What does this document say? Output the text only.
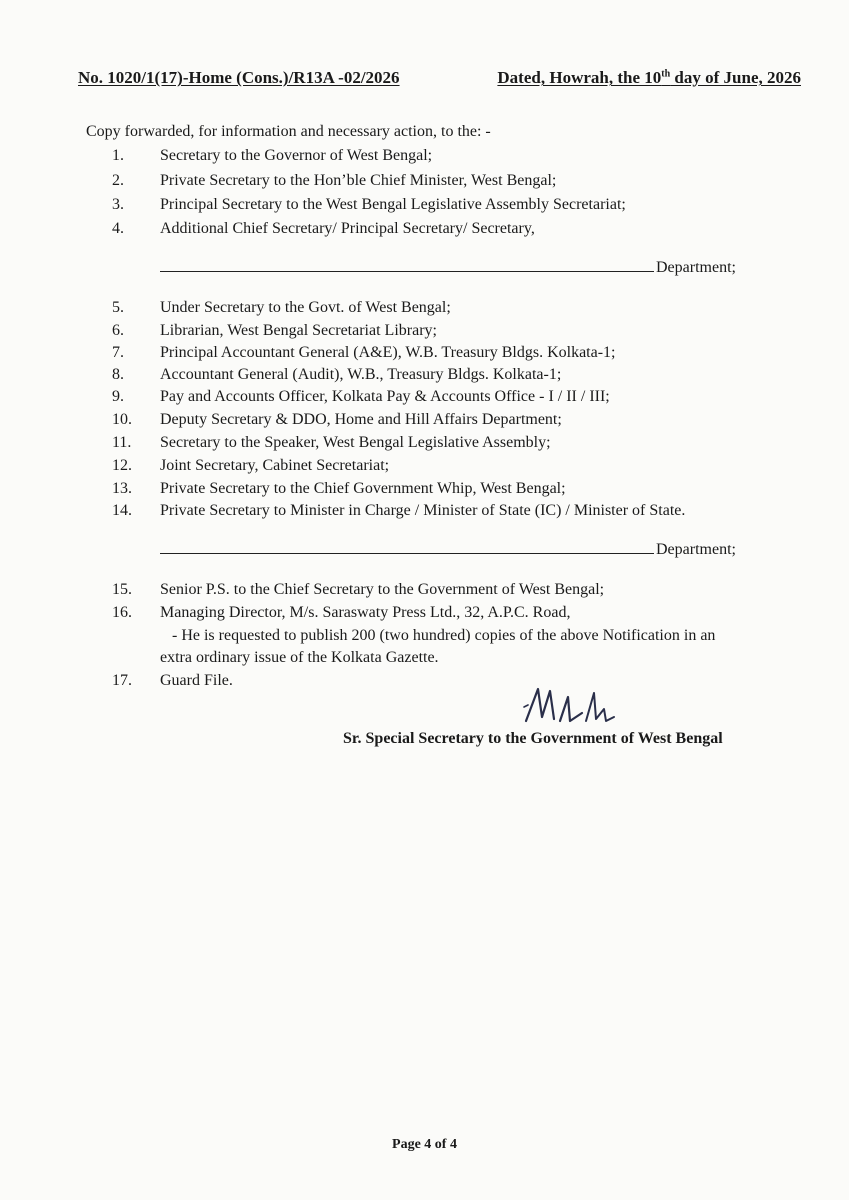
No. 1020/1(17)-Home (Cons.)/R13A -02/2026	Dated, Howrah, the 10th day of June, 2026
Copy forwarded, for information and necessary action, to the: -
1. Secretary to the Governor of West Bengal;
2. Private Secretary to the Hon’ble Chief Minister, West Bengal;
3. Principal Secretary to the West Bengal Legislative Assembly Secretariat;
4. Additional Chief Secretary/ Principal Secretary/ Secretary,
Department;
5. Under Secretary to the Govt. of West Bengal;
6. Librarian, West Bengal Secretariat Library;
7. Principal Accountant General (A&E), W.B. Treasury Bldgs. Kolkata-1;
8. Accountant General (Audit), W.B., Treasury Bldgs. Kolkata-1;
9. Pay and Accounts Officer, Kolkata Pay & Accounts Office - I / II / III;
10. Deputy Secretary & DDO, Home and Hill Affairs Department;
11. Secretary to the Speaker, West Bengal Legislative Assembly;
12. Joint Secretary, Cabinet Secretariat;
13. Private Secretary to the Chief Government Whip, West Bengal;
14. Private Secretary to Minister in Charge / Minister of State (IC) / Minister of State.
Department;
15. Senior P.S. to the Chief Secretary to the Government of West Bengal;
16. Managing Director, M/s. Saraswaty Press Ltd., 32, A.P.C. Road,
- He is requested to publish 200 (two hundred) copies of the above Notification in an
extra ordinary issue of the Kolkata Gazette.
17. Guard File.
Sr. Special Secretary to the Government of West Bengal
Page 4 of 4
